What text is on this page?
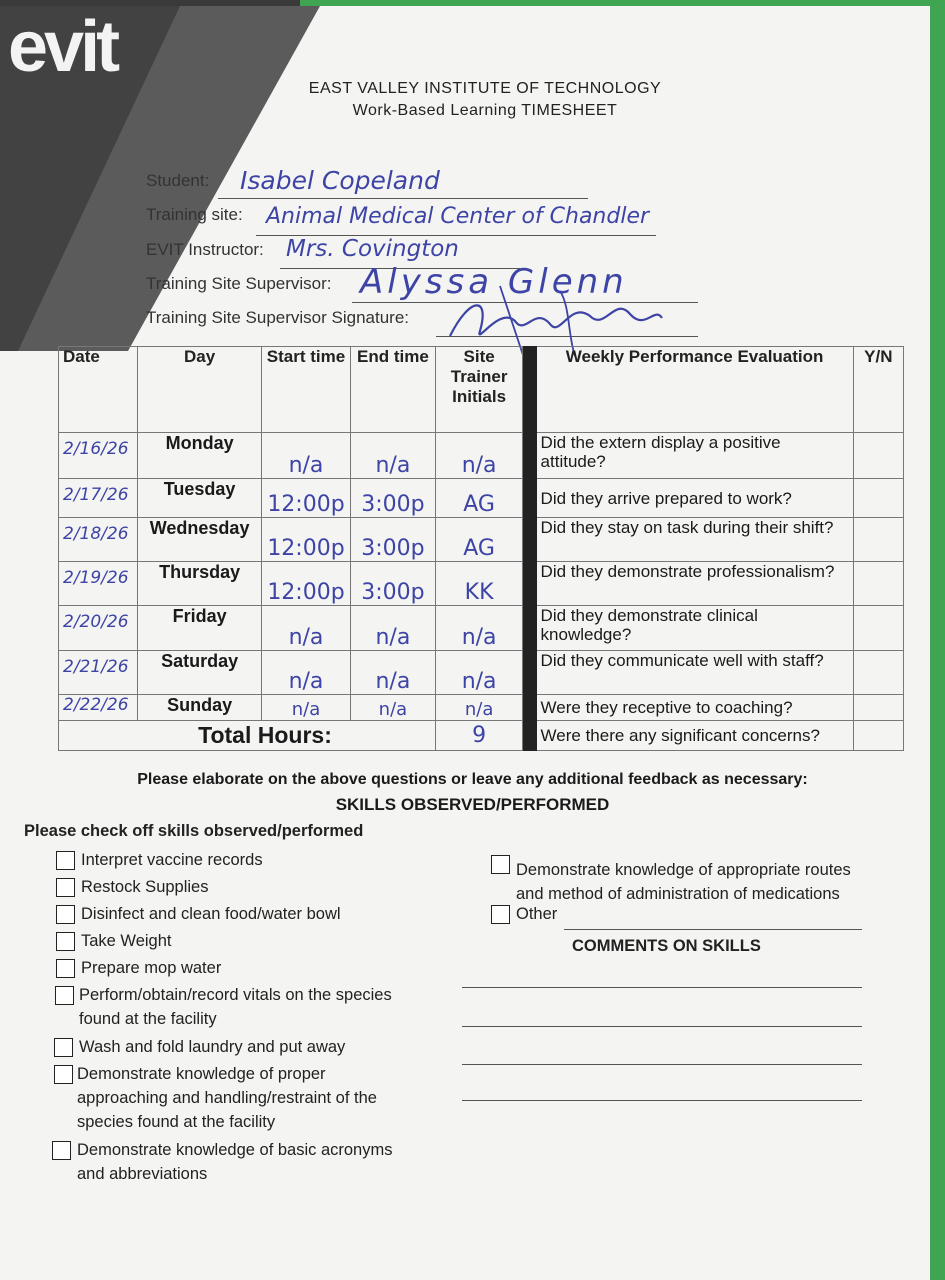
evit
EAST VALLEY INSTITUTE OF TECHNOLOGY
Work-Based Learning TIMESHEET
Student: Isabel Copeland
Training site: Animal Medical Center of Chandler
EVIT Instructor: Mrs. Covington
Training Site Supervisor: Alyssa Glenn
Training Site Supervisor Signature:
Date	Day	Start time	End time	Site Trainer Initials		Weekly Performance Evaluation	Y/N
2/16/26	Monday	n/a	n/a	n/a		Did the extern display a positive attitude?	
2/17/26	Tuesday	12:00p	3:00p	AG		Did they arrive prepared to work?	
2/18/26	Wednesday	12:00p	3:00p	AG		Did they stay on task during their shift?	
2/19/26	Thursday	12:00p	3:00p	KK		Did they demonstrate professionalism?	
2/20/26	Friday	n/a	n/a	n/a		Did they demonstrate clinical knowledge?	
2/21/26	Saturday	n/a	n/a	n/a		Did they communicate well with staff?	
2/22/26	Sunday	n/a	n/a	n/a		Were they receptive to coaching?	
Total Hours:				9		Were there any significant concerns?	
Please elaborate on the above questions or leave any additional feedback as necessary:
SKILLS OBSERVED/PERFORMED
Please check off skills observed/performed
Interpret vaccine records
Restock Supplies
Disinfect and clean food/water bowl
Take Weight
Prepare mop water
Perform/obtain/record vitals on the species found at the facility
Wash and fold laundry and put away
Demonstrate knowledge of proper approaching and handling/restraint of the species found at the facility
Demonstrate knowledge of basic acronyms and abbreviations
Demonstrate knowledge of appropriate routes and method of administration of medications
Other
COMMENTS ON SKILLS
